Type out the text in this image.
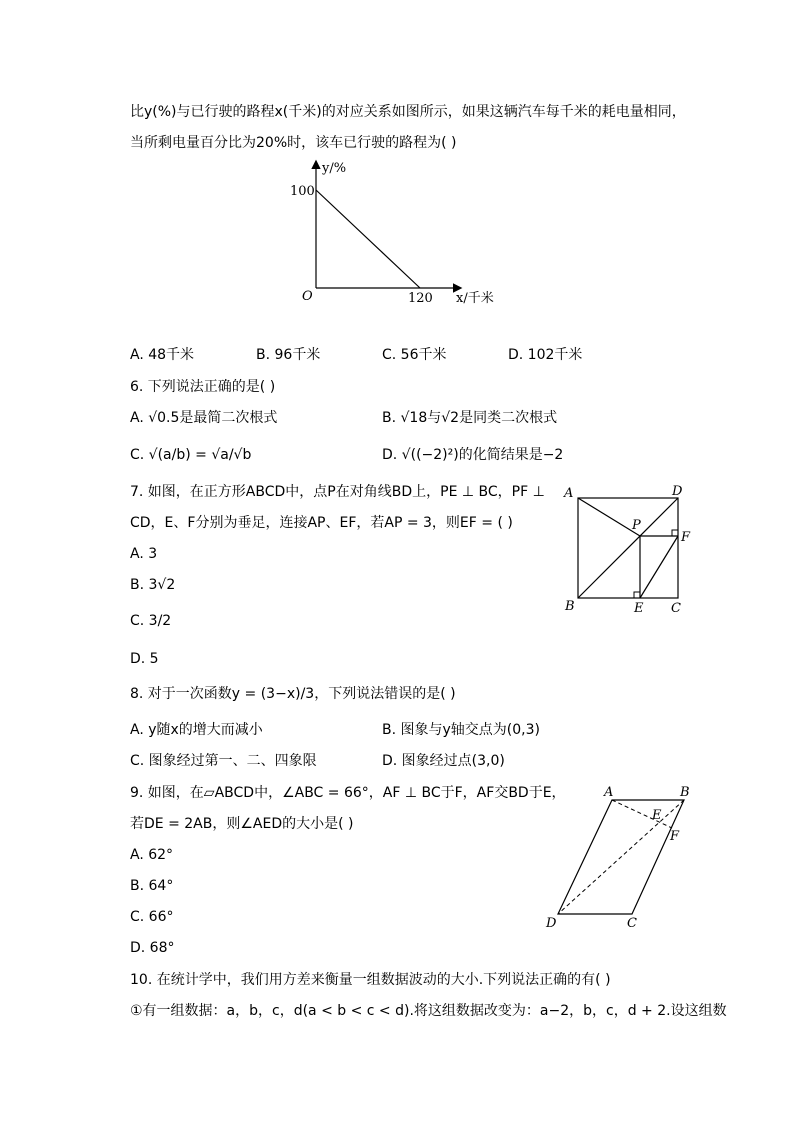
比y(%)与已行驶的路程x(千米)的对应关系如图所示，如果这辆汽车每千米的耗电量相同，
当所剩电量百分比为20%时，该车已行驶的路程为( )
y/%
100
O	120 x/千米
A. 48千米	B. 96千米	C. 56千米	D. 102千米
6. 下列说法正确的是( )
A. √0.5是最简二次根式	B. √18与√2是同类二次根式
C. √(a/b) = √a/√b	D. √((−2)²)的化简结果是−2
7. 如图，在正方形ABCD中，点P在对角线BD上，PE ⊥ BC，PF ⊥
CD，E、F分别为垂足，连接AP、EF，若AP = 3，则EF = ( )
A. 3
B. 3√2
C. 3/2
D. 5
A	D
P
F
B	E C
8. 对于一次函数y = (3−x)/3，下列说法错误的是( )
A. y随x的增大而减小	B. 图象与y轴交点为(0,3)
C. 图象经过第一、二、四象限	D. 图象经过点(3,0)
9. 如图，在▱ABCD中，∠ABC = 66°，AF ⊥ BC于F，AF交BD于E，
若DE = 2AB，则∠AED的大小是( )
A. 62°
B. 64°
C. 66°
D. 68°
A	B
E
F
D	C
10. 在统计学中，我们用方差来衡量一组数据波动的大小.下列说法正确的有( )
①有一组数据：a，b，c，d(a < b < c < d).将这组数据改变为：a−2，b，c，d + 2.设这组数
